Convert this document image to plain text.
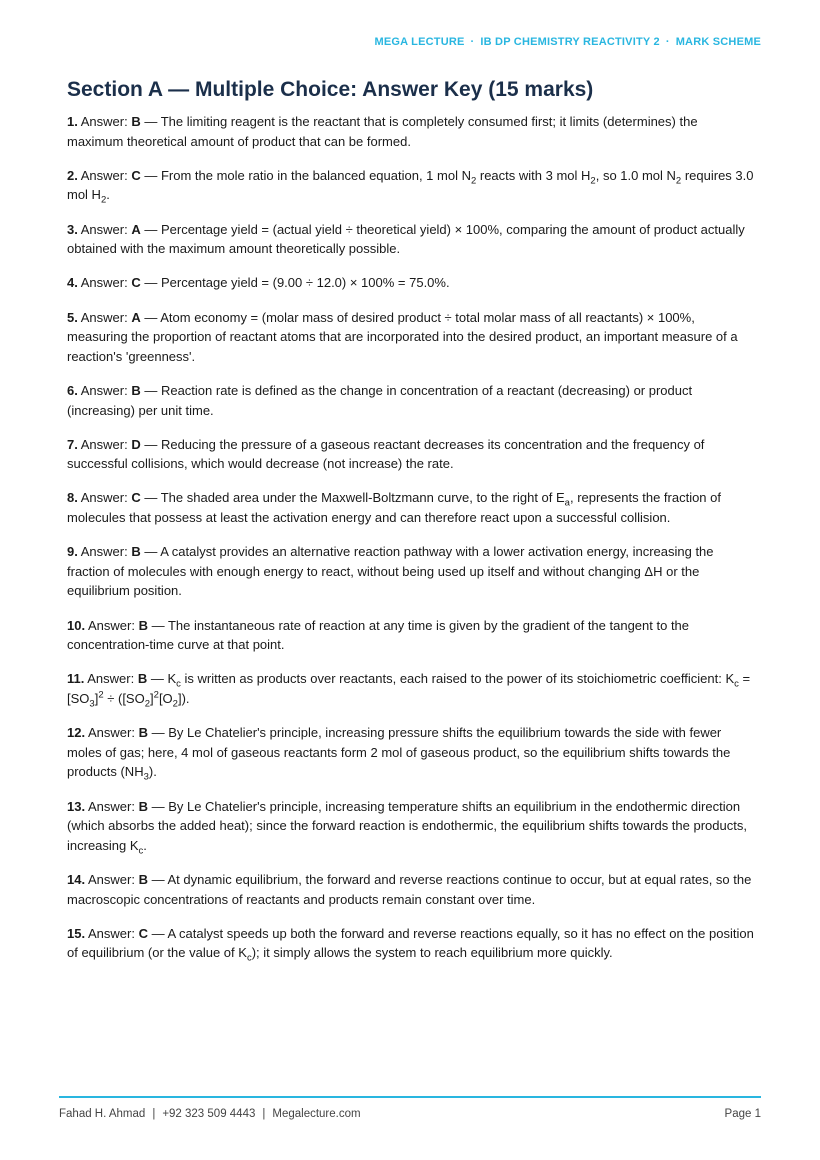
MEGA LECTURE · IB DP CHEMISTRY REACTIVITY 2 · MARK SCHEME
Section A — Multiple Choice: Answer Key (15 marks)

1. Answer: B — The limiting reagent is the reactant that is completely consumed first; it limits (determines) the maximum theoretical amount of product that can be formed.

2. Answer: C — From the mole ratio in the balanced equation, 1 mol $N_2$ reacts with 3 mol $H_2$, so 1.0 mol $N_2$ requires 3.0 mol $H_2$.

3. Answer: A — Percentage yield = (actual yield ÷ theoretical yield) × 100%, comparing the amount of product actually obtained with the maximum amount theoretically possible.

4. Answer: C — Percentage yield = (9.00 ÷ 12.0) × 100% = 75.0%.

5. Answer: A — Atom economy = (molar mass of desired product ÷ total molar mass of all reactants) × 100%, measuring the proportion of reactant atoms that are incorporated into the desired product, an important measure of a reaction's 'greenness'.

6. Answer: B — Reaction rate is defined as the change in concentration of a reactant (decreasing) or product (increasing) per unit time.

7. Answer: D — Reducing the pressure of a gaseous reactant decreases its concentration and the frequency of successful collisions, which would decrease (not increase) the rate.

8. Answer: C — The shaded area under the Maxwell-Boltzmann curve, to the right of $E_a$, represents the fraction of molecules that possess at least the activation energy and can therefore react upon a successful collision.

9. Answer: B — A catalyst provides an alternative reaction pathway with a lower activation energy, increasing the fraction of molecules with enough energy to react, without being used up itself and without changing ΔH or the equilibrium position.

10. Answer: B — The instantaneous rate of reaction at any time is given by the gradient of the tangent to the concentration-time curve at that point.

11. Answer: B — $K_c$ is written as products over reactants, each raised to the power of its stoichiometric coefficient: $K_c = [SO_3]^2 \div ([SO_2]^2[O_2])$.

12. Answer: B — By Le Chatelier's principle, increasing pressure shifts the equilibrium towards the side with fewer moles of gas; here, 4 mol of gaseous reactants form 2 mol of gaseous product, so the equilibrium shifts towards the products $(NH_3)$.

13. Answer: B — By Le Chatelier's principle, increasing temperature shifts an equilibrium in the endothermic direction (which absorbs the added heat); since the forward reaction is endothermic, the equilibrium shifts towards the products, increasing $K_c$.

14. Answer: B — At dynamic equilibrium, the forward and reverse reactions continue to occur, but at equal rates, so the macroscopic concentrations of reactants and products remain constant over time.

15. Answer: C — A catalyst speeds up both the forward and reverse reactions equally, so it has no effect on the position of equilibrium (or the value of $K_c$); it simply allows the system to reach equilibrium more quickly.

Fahad H. Ahmad | +92 323 509 4443 | Megalecture.com	Page 1
